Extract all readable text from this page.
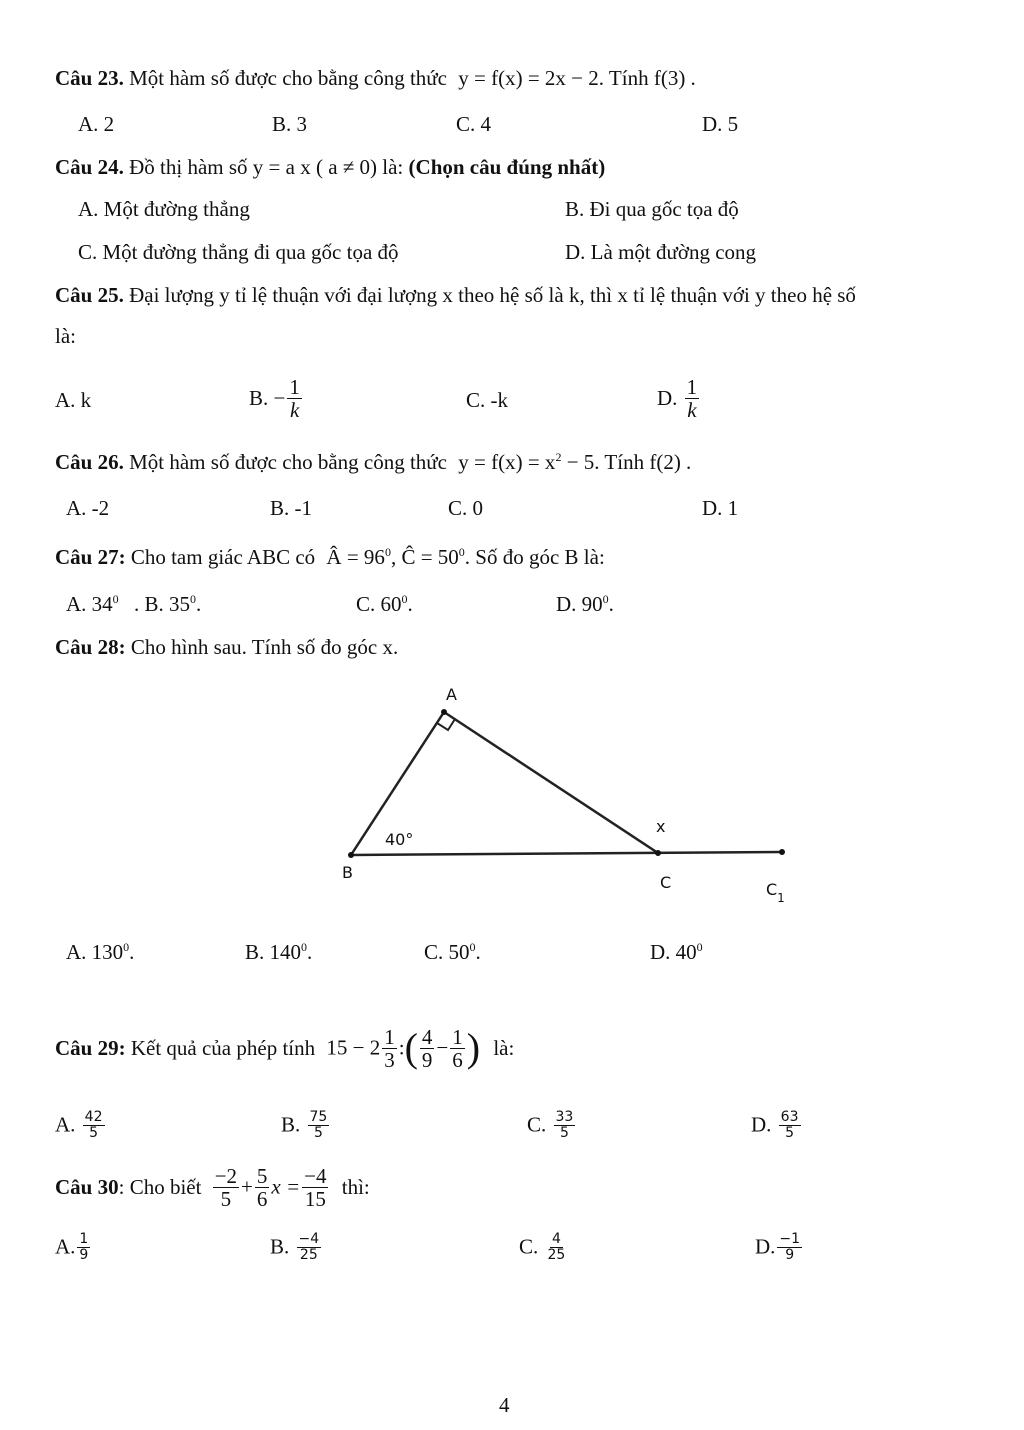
Câu 23. Một hàm số được cho bằng công thức y = f(x) = 2x − 2. Tính f(3) .
A. 2	B. 3	C. 4	D. 5
Câu 24. Đồ thị hàm số y = a x ( a ≠ 0) là: (Chọn câu đúng nhất)
A. Một đường thẳng	B. Đi qua gốc tọa độ
C. Một đường thẳng đi qua gốc tọa độ	D. Là một đường cong
Câu 25. Đại lượng y tỉ lệ thuận với đại lượng x theo hệ số là k, thì x tỉ lệ thuận với y theo hệ số
là:
A. k	B. − $\frac{1}{k}$	C. -k	D. $\frac{1}{k}$
Câu 26. Một hàm số được cho bằng công thức $y = f(x) = x^2 - 5$. Tính f(2) .
A. -2	B. -1	C. 0	D. 1
Câu 27: Cho tam giác ABC có Â = $96^0$, Ĉ = $50^0$. Số đo góc B là:
A. $34^0$ . B. $35^0$.	C. $60^0$.	D. $90^0$.
Câu 28: Cho hình sau. Tính số đo góc x.
A
B
C
x
40°
$C_1$
A. $130^0$.	B. $140^0$.	C. $50^0$.	D. $40^0$
Câu 29: Kết quả của phép tính $15 - 2 \frac{1}{3}$ :( $\frac{4}{9} - \frac{1}{6}$ ) là:
A. $\frac{42}{5}$	B. $\frac{75}{5}$	C. $\frac{33}{5}$	D. $\frac{63}{5}$
Câu 30: Cho biết $\frac{-2}{5} + \frac{5}{6}$ $x = \frac{-4}{15}$ thì:
A. $\frac{1}{9}$	B. $\frac{-4}{25}$	C. $\frac{4}{25}$	D. $\frac{-1}{9}$
4
